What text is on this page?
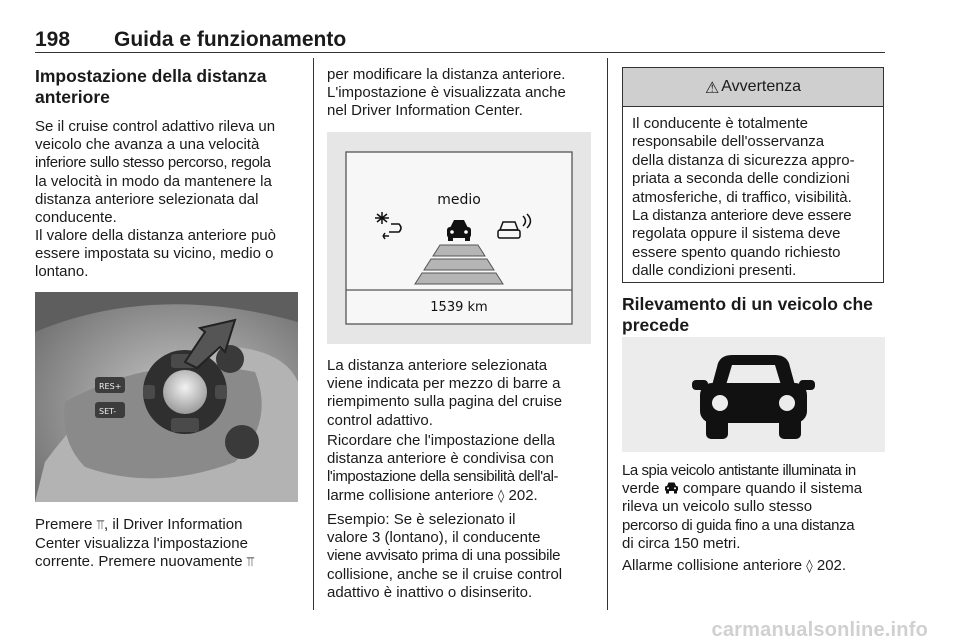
198 Guida e funzionamento
Impostazione della distanza
anteriore
Se il cruise control adattivo rileva un
veicolo che avanza a una velocità
inferiore sullo stesso percorso, regola
la velocità in modo da mantenere la
distanza anteriore selezionata dal
conducente.
Il valore della distanza anteriore può
essere impostata su vicino, medio o
lontano.
RES+
SET-
Premere ⫪, il Driver Information
Center visualizza l'impostazione
corrente. Premere nuovamente ⫪
per modificare la distanza anteriore.
L'impostazione è visualizzata anche
nel Driver Information Center.
medio
1539 km
La distanza anteriore selezionata
viene indicata per mezzo di barre a
riempimento sulla pagina del cruise
control adattivo.
Ricordare che l'impostazione della
distanza anteriore è condivisa con
l'impostazione della sensibilità dell'al-
larme collisione anteriore ◊ 202.
Esempio: Se è selezionato il
valore 3 (lontano), il conducente
viene avvisato prima di una possibile
collisione, anche se il cruise control
adattivo è inattivo o disinserito.
⚠ Avvertenza
Il conducente è totalmente
responsabile dell'osservanza
della distanza di sicurezza appro-
priata a seconda delle condizioni
atmosferiche, di traffico, visibilità.
La distanza anteriore deve essere
regolata oppure il sistema deve
essere spento quando richiesto
dalle condizioni presenti.
Rilevamento di un veicolo che
precede
La spia veicolo antistante illuminata in
verde  compare quando il sistema
rileva un veicolo sullo stesso
percorso di guida fino a una distanza
di circa 150 metri.
Allarme collisione anteriore ◊ 202.
carmanualsonline.info
